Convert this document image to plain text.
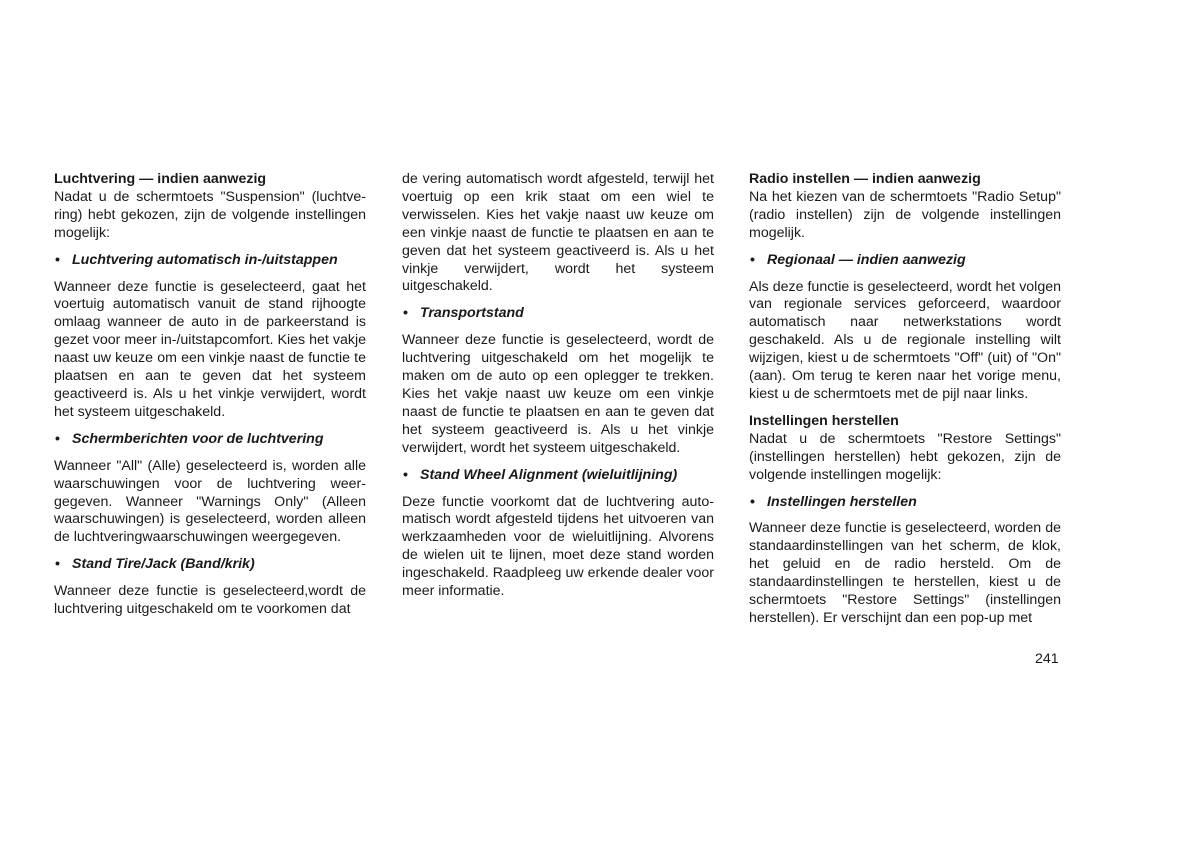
Luchtvering — indien aanwezig

Nadat u de schermtoets "Suspension" (luchtvering) hebt gekozen, zijn de volgende instellingen mogelijk:

• Luchtvering automatisch in-/uitstappen

Wanneer deze functie is geselecteerd, gaat het voertuig automatisch vanuit de stand rijhoogte omlaag wanneer de auto in de parkeerstand is gezet voor meer in-/uitstapcomfort. Kies het vakje naast uw keuze om een vinkje naast de functie te plaatsen en aan te geven dat het systeem geactiveerd is. Als u het vinkje verwijdert, wordt het systeem uitgeschakeld.

• Schermberichten voor de luchtvering

Wanneer "All" (Alle) geselecteerd is, worden alle waarschuwingen voor de luchtvering weergegeven. Wanneer "Warnings Only" (Alleen waarschuwingen) is geselecteerd, worden alleen de luchtveringwaarschuwingen weergegeven.

• Stand Tire/Jack (Band/krik)

Wanneer deze functie is geselecteerd,wordt de luchtvering uitgeschakeld om te voorkomen dat

de vering automatisch wordt afgesteld, terwijl het voertuig op een krik staat om een wiel te verwisselen. Kies het vakje naast uw keuze om een vinkje naast de functie te plaatsen en aan te geven dat het systeem geactiveerd is. Als u het vinkje verwijdert, wordt het systeem uitgeschakeld.

• Transportstand

Wanneer deze functie is geselecteerd, wordt de luchtvering uitgeschakeld om het mogelijk te maken om de auto op een oplegger te trekken. Kies het vakje naast uw keuze om een vinkje naast de functie te plaatsen en aan te geven dat het systeem geactiveerd is. Als u het vinkje verwijdert, wordt het systeem uitgeschakeld.

• Stand Wheel Alignment (wieluitlijning)

Deze functie voorkomt dat de luchtvering automatisch wordt afgesteld tijdens het uitvoeren van werkzaamheden voor de wieluitlijning. Alvorens de wielen uit te lijnen, moet deze stand worden ingeschakeld. Raadpleeg uw erkende dealer voor meer informatie.

Radio instellen — indien aanwezig

Na het kiezen van de schermtoets "Radio Setup" (radio instellen) zijn de volgende instellingen mogelijk.

• Regionaal — indien aanwezig

Als deze functie is geselecteerd, wordt het volgen van regionale services geforceerd, waardoor automatisch naar netwerkstations wordt geschakeld. Als u de regionale instelling wilt wijzigen, kiest u de schermtoets "Off" (uit) of "On" (aan). Om terug te keren naar het vorige menu, kiest u de schermtoets met de pijl naar links.

Instellingen herstellen

Nadat u de schermtoets "Restore Settings" (instellingen herstellen) hebt gekozen, zijn de volgende instellingen mogelijk:

• Instellingen herstellen

Wanneer deze functie is geselecteerd, worden de standaardinstellingen van het scherm, de klok, het geluid en de radio hersteld. Om de standaardinstellingen te herstellen, kiest u de schermtoets "Restore Settings" (instellingen herstellen). Er verschijnt dan een pop-up met

241
